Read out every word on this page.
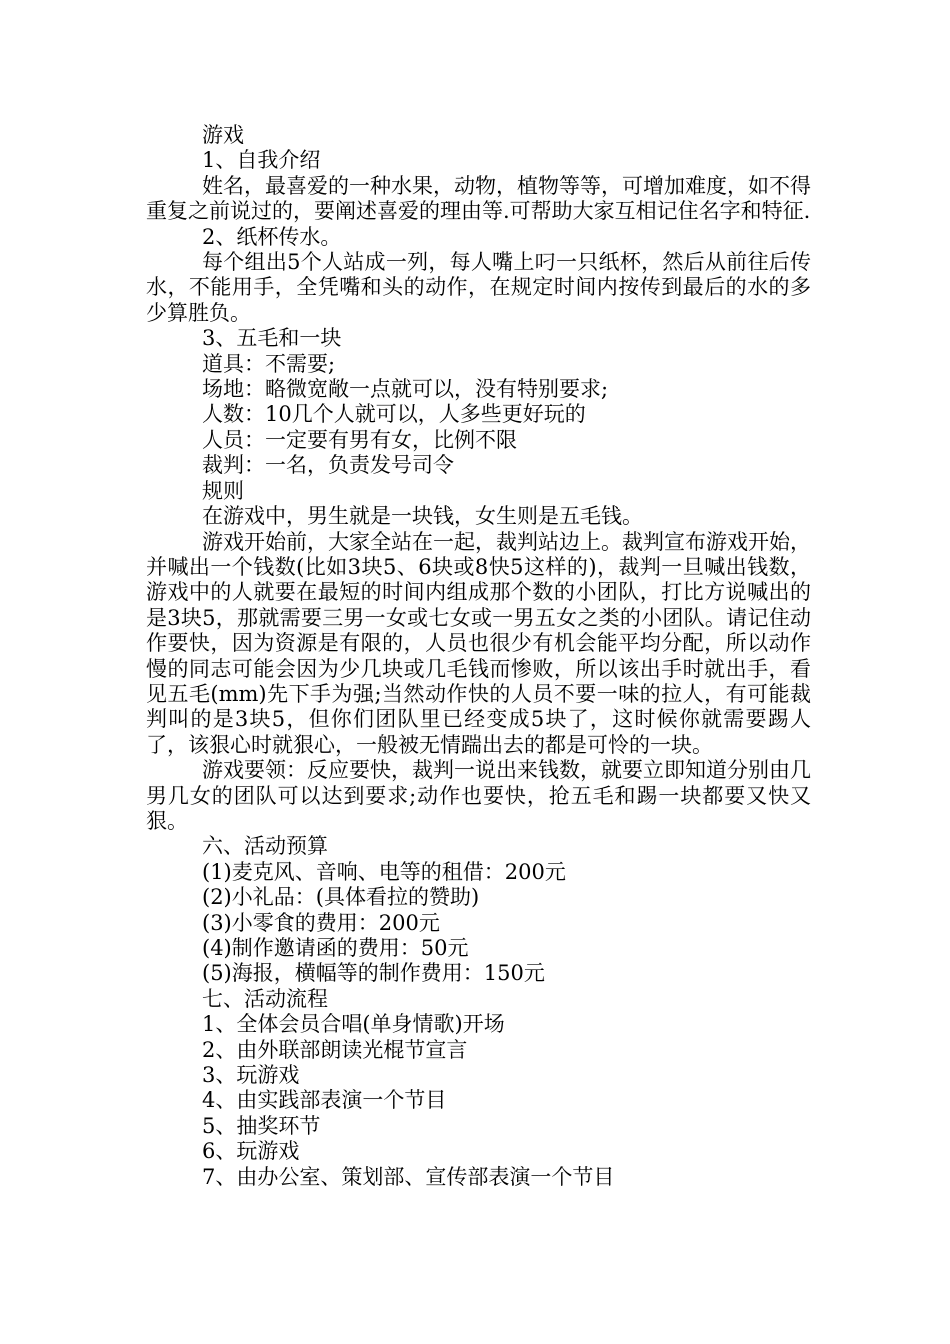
游戏

1、自我介绍

姓名，最喜爱的一种水果，动物，植物等等，可增加难度，如不得重复之前说过的，要阐述喜爱的理由等.可帮助大家互相记住名字和特征.

2、纸杯传水。

每个组出5个人站成一列，每人嘴上叼一只纸杯，然后从前往后传水，不能用手，全凭嘴和头的动作，在规定时间内按传到最后的水的多少算胜负。

3、五毛和一块

道具：不需要;

场地：略微宽敞一点就可以，没有特别要求;

人数：10几个人就可以，人多些更好玩的

人员：一定要有男有女，比例不限

裁判：一名，负责发号司令

规则

在游戏中，男生就是一块钱，女生则是五毛钱。

游戏开始前，大家全站在一起，裁判站边上。裁判宣布游戏开始，并喊出一个钱数(比如3块5、6块或8快5这样的)，裁判一旦喊出钱数，游戏中的人就要在最短的时间内组成那个数的小团队，打比方说喊出的是3块5，那就需要三男一女或七女或一男五女之类的小团队。请记住动作要快，因为资源是有限的，人员也很少有机会能平均分配，所以动作慢的同志可能会因为少几块或几毛钱而惨败，所以该出手时就出手，看见五毛(mm)先下手为强;当然动作快的人员不要一味的拉人，有可能裁判叫的是3块5，但你们团队里已经变成5块了，这时候你就需要踢人了，该狠心时就狠心，一般被无情踹出去的都是可怜的一块。

游戏要领：反应要快，裁判一说出来钱数，就要立即知道分别由几男几女的团队可以达到要求;动作也要快，抢五毛和踢一块都要又快又狠。

六、活动预算

(1)麦克风、音响、电等的租借：200元

(2)小礼品：(具体看拉的赞助)

(3)小零食的费用：200元

(4)制作邀请函的费用：50元

(5)海报，横幅等的制作费用：150元

七、活动流程

1、全体会员合唱(单身情歌)开场

2、由外联部朗读光棍节宣言

3、玩游戏

4、由实践部表演一个节目

5、抽奖环节

6、玩游戏

7、由办公室、策划部、宣传部表演一个节目
